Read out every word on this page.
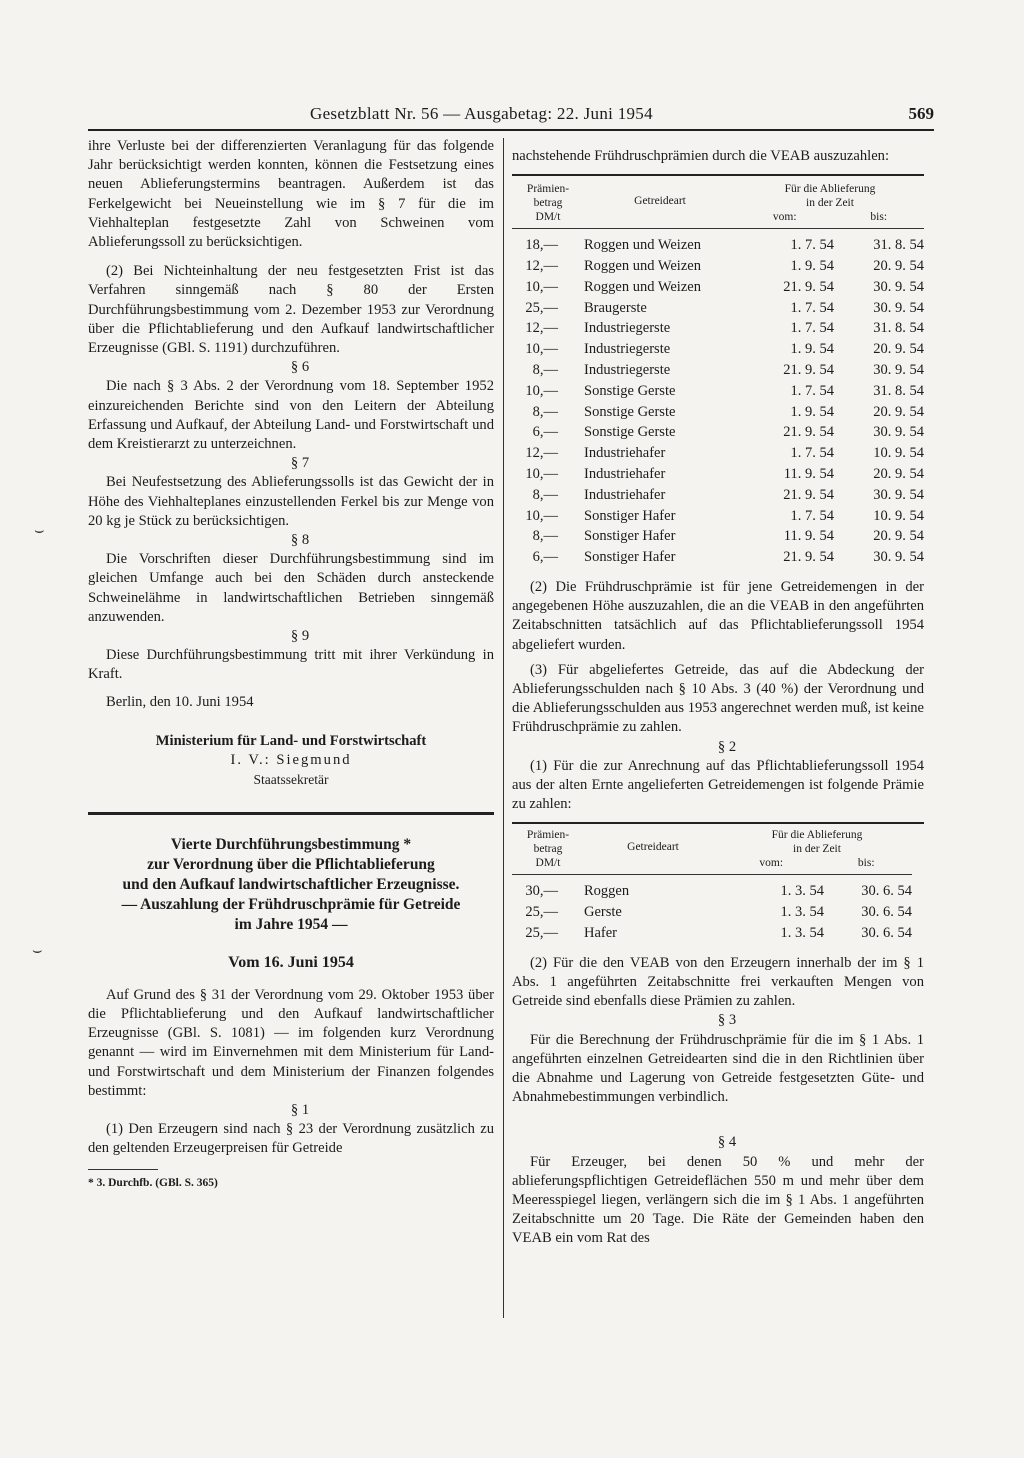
Gesetzblatt Nr. 56 — Ausgabetag: 22. Juni 1954	569

ihre Verluste bei der differenzierten Veranlagung für das folgende Jahr berücksichtigt werden konnten, können die Festsetzung eines neuen Ablieferungstermins beantragen. Außerdem ist das Ferkelgewicht bei Neueinstellung wie im § 7 für die im Viehhalteplan festgesetzte Zahl von Schweinen vom Ablieferungssoll zu berücksichtigen.

(2) Bei Nichteinhaltung der neu festgesetzten Frist ist das Verfahren sinngemäß nach § 80 der Ersten Durchführungsbestimmung vom 2. Dezember 1953 zur Verordnung über die Pflichtablieferung und den Aufkauf landwirtschaftlicher Erzeugnisse (GBl. S. 1191) durchzuführen.

§ 6

Die nach § 3 Abs. 2 der Verordnung vom 18. September 1952 einzureichenden Berichte sind von den Leitern der Abteilung Erfassung und Aufkauf, der Abteilung Land- und Forstwirtschaft und dem Kreistierarzt zu unterzeichnen.

§ 7

Bei Neufestsetzung des Ablieferungssolls ist das Gewicht der in Höhe des Viehhalteplanes einzustellenden Ferkel bis zur Menge von 20 kg je Stück zu berücksichtigen.

§ 8

Die Vorschriften dieser Durchführungsbestimmung sind im gleichen Umfange auch bei den Schäden durch ansteckende Schweinelähme in landwirtschaftlichen Betrieben sinngemäß anzuwenden.

§ 9

Diese Durchführungsbestimmung tritt mit ihrer Verkündung in Kraft.

Berlin, den 10. Juni 1954

Ministerium für Land- und Forstwirtschaft
I. V.: Siegmund
Staatssekretär
Vierte Durchführungsbestimmung *
zur Verordnung über die Pflichtablieferung
und den Aufkauf landwirtschaftlicher Erzeugnisse.
— Auszahlung der Frühdruschprämie für Getreide
im Jahre 1954 —
Vom 16. Juni 1954

Auf Grund des § 31 der Verordnung vom 29. Oktober 1953 über die Pflichtablieferung und den Aufkauf landwirtschaftlicher Erzeugnisse (GBl. S. 1081) — im folgenden kurz Verordnung genannt — wird im Einvernehmen mit dem Ministerium für Land- und Forstwirtschaft und dem Ministerium der Finanzen folgendes bestimmt:

§ 1

(1) Den Erzeugern sind nach § 23 der Verordnung zusätzlich zu den geltenden Erzeugerpreisen für Getreide

* 3. Durchfb. (GBl. S. 365)

nachstehende Frühdruschprämien durch die VEAB auszuzahlen:

Prämien-
betrag
DM/t	Getreideart	
Für die Ablieferung
in der Zeit
vom:	bis:
18,—	Roggen und Weizen	1. 7. 54	31. 8. 54
12,—	Roggen und Weizen	1. 9. 54	20. 9. 54
10,—	Roggen und Weizen	21. 9. 54	30. 9. 54
25,—	Braugerste	1. 7. 54	30. 9. 54
12,—	Industriegerste	1. 7. 54	31. 8. 54
10,—	Industriegerste	1. 9. 54	20. 9. 54
8,—	Industriegerste	21. 9. 54	30. 9. 54
10,—	Sonstige Gerste	1. 7. 54	31. 8. 54
8,—	Sonstige Gerste	1. 9. 54	20. 9. 54
6,—	Sonstige Gerste	21. 9. 54	30. 9. 54
12,—	Industriehafer	1. 7. 54	10. 9. 54
10,—	Industriehafer	11. 9. 54	20. 9. 54
8,—	Industriehafer	21. 9. 54	30. 9. 54
10,—	Sonstiger Hafer	1. 7. 54	10. 9. 54
8,—	Sonstiger Hafer	11. 9. 54	20. 9. 54
6,—	Sonstiger Hafer	21. 9. 54	30. 9. 54

(2) Die Frühdruschprämie ist für jene Getreidemengen in der angegebenen Höhe auszuzahlen, die an die VEAB in den angeführten Zeitabschnitten tatsächlich auf das Pflichtablieferungssoll 1954 abgeliefert wurden.

(3) Für abgeliefertes Getreide, das auf die Abdeckung der Ablieferungsschulden nach § 10 Abs. 3 (40 %) der Verordnung und die Ablieferungsschulden aus 1953 angerechnet werden muß, ist keine Frühdruschprämie zu zahlen.

§ 2

(1) Für die zur Anrechnung auf das Pflichtablieferungssoll 1954 aus der alten Ernte angelieferten Getreidemengen ist folgende Prämie zu zahlen:

Prämien-
betrag
DM/t	Getreideart	
Für die Ablieferung
in der Zeit
vom:	bis:
30,—	Roggen	1. 3. 54	30. 6. 54
25,—	Gerste	1. 3. 54	30. 6. 54
25,—	Hafer	1. 3. 54	30. 6. 54

(2) Für die den VEAB von den Erzeugern innerhalb der im § 1 Abs. 1 angeführten Zeitabschnitte frei verkauften Mengen von Getreide sind ebenfalls diese Prämien zu zahlen.

§ 3

Für die Berechnung der Frühdruschprämie für die im § 1 Abs. 1 angeführten einzelnen Getreidearten sind die in den Richtlinien über die Abnahme und Lagerung von Getreide festgesetzten Güte- und Abnahmebestimmungen verbindlich.

§ 4

Für Erzeuger, bei denen 50 % und mehr der ablieferungspflichtigen Getreideflächen 550 m und mehr über dem Meeresspiegel liegen, verlängern sich die im § 1 Abs. 1 angeführten Zeitabschnitte um 20 Tage. Die Räte der Gemeinden haben den VEAB ein vom Rat des

⌣
⌣
